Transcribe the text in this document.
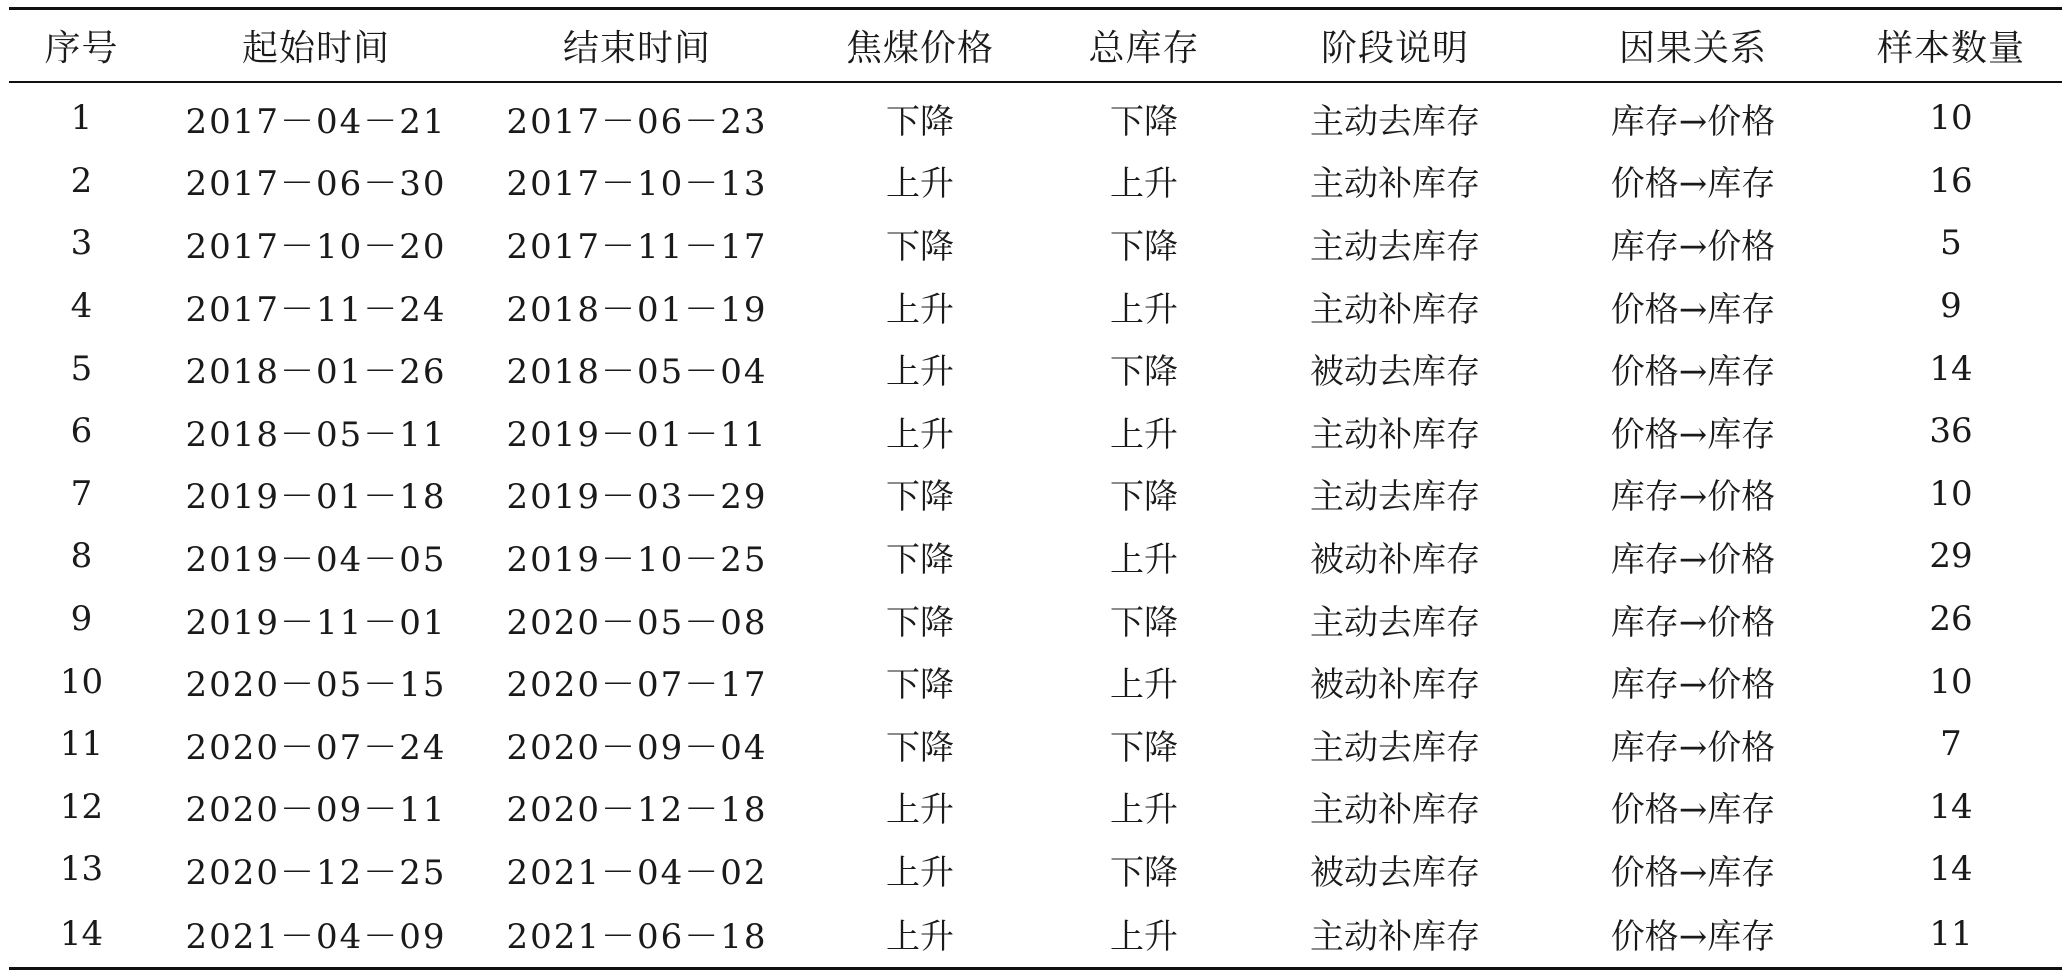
序号	起始时间	结束时间	焦煤价格	总库存	阶段说明	因果关系	样本数量
1	2017－04－21	2017－06－23	下降	下降	主动去库存	库存→价格	10
2	2017－06－30	2017－10－13	上升	上升	主动补库存	价格→库存	16
3	2017－10－20	2017－11－17	下降	下降	主动去库存	库存→价格	5
4	2017－11－24	2018－01－19	上升	上升	主动补库存	价格→库存	9
5	2018－01－26	2018－05－04	上升	下降	被动去库存	价格→库存	14
6	2018－05－11	2019－01－11	上升	上升	主动补库存	价格→库存	36
7	2019－01－18	2019－03－29	下降	下降	主动去库存	库存→价格	10
8	2019－04－05	2019－10－25	下降	上升	被动补库存	库存→价格	29
9	2019－11－01	2020－05－08	下降	下降	主动去库存	库存→价格	26
10	2020－05－15	2020－07－17	下降	上升	被动补库存	库存→价格	10
11	2020－07－24	2020－09－04	下降	下降	主动去库存	库存→价格	7
12	2020－09－11	2020－12－18	上升	上升	主动补库存	价格→库存	14
13	2020－12－25	2021－04－02	上升	下降	被动去库存	价格→库存	14
14	2021－04－09	2021－06－18	上升	上升	主动补库存	价格→库存	11
